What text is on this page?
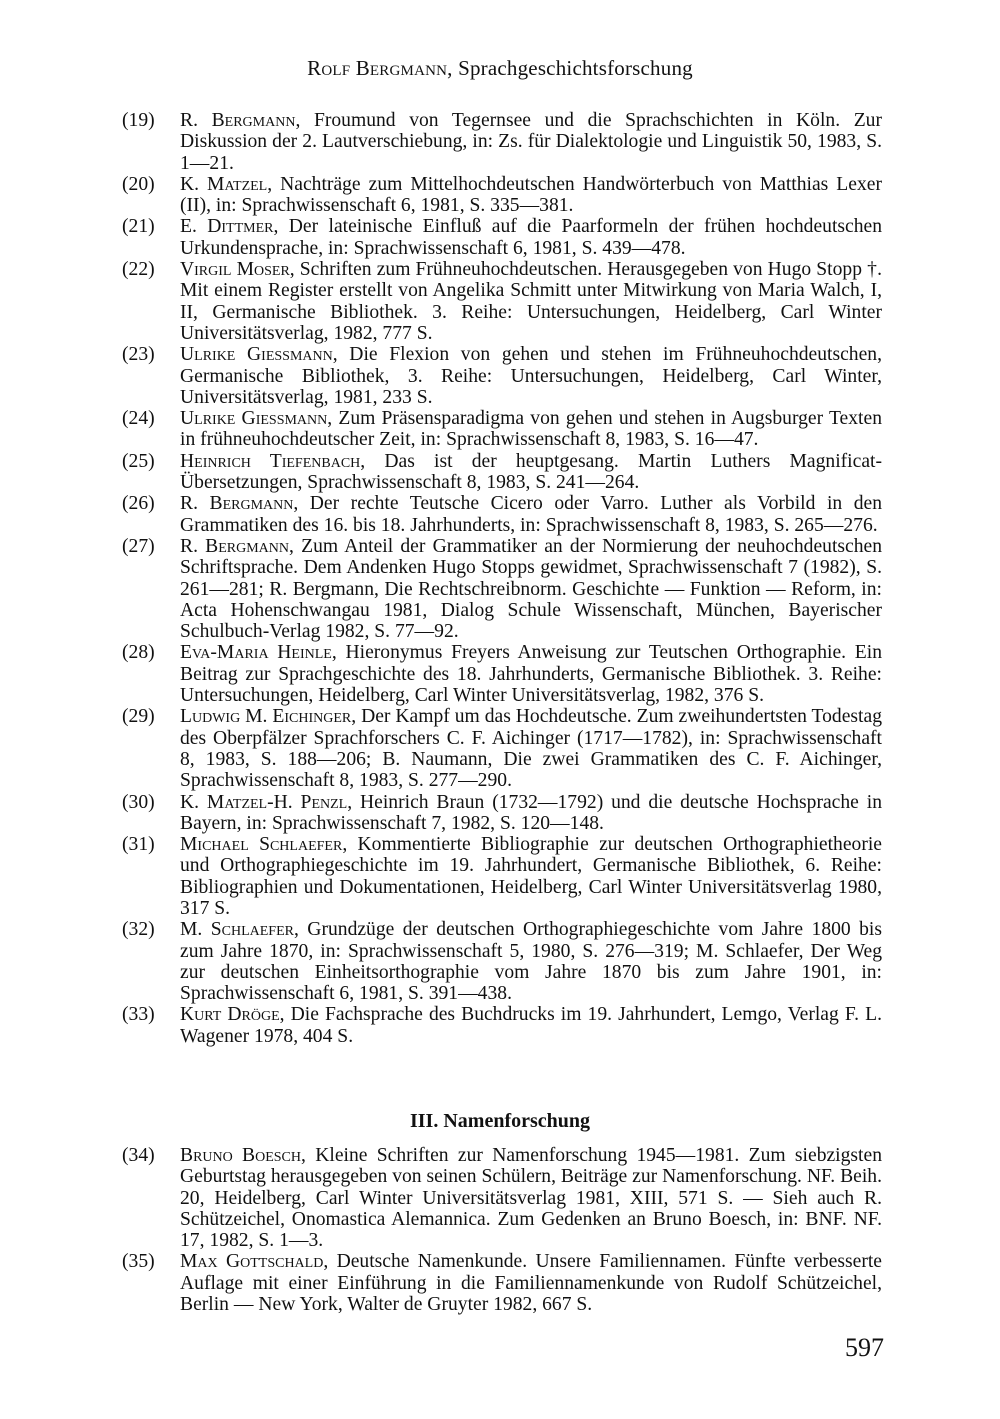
Rolf Bergmann, Sprachgeschichtsforschung
(19) R. Bergmann, Froumund von Tegernsee und die Sprachschichten in Köln. Zur Diskussion der 2. Lautverschiebung, in: Zs. für Dialektologie und Linguistik 50, 1983, S. 1—21.
(20) K. Matzel, Nachträge zum Mittelhochdeutschen Handwörterbuch von Matthias Lexer (II), in: Sprachwissenschaft 6, 1981, S. 335—381.
(21) E. Dittmer, Der lateinische Einfluß auf die Paarformeln der frühen hochdeutschen Urkundensprache, in: Sprachwissenschaft 6, 1981, S. 439—478.
(22) Virgil Moser, Schriften zum Frühneuhochdeutschen. Herausgegeben von Hugo Stopp †. Mit einem Register erstellt von Angelika Schmitt unter Mitwirkung von Maria Walch, I, II, Germanische Bibliothek. 3. Reihe: Untersuchungen, Heidelberg, Carl Winter Universitätsverlag, 1982, 777 S.
(23) Ulrike Giessmann, Die Flexion von gehen und stehen im Frühneuhochdeutschen, Germanische Bibliothek, 3. Reihe: Untersuchungen, Heidelberg, Carl Winter, Universitätsverlag, 1981, 233 S.
(24) Ulrike Giessmann, Zum Präsensparadigma von gehen und stehen in Augsburger Texten in frühneuhochdeutscher Zeit, in: Sprachwissenschaft 8, 1983, S. 16—47.
(25) Heinrich Tiefenbach, Das ist der heuptgesang. Martin Luthers Magnificat-Übersetzungen, Sprachwissenschaft 8, 1983, S. 241—264.
(26) R. Bergmann, Der rechte Teutsche Cicero oder Varro. Luther als Vorbild in den Grammatiken des 16. bis 18. Jahrhunderts, in: Sprachwissenschaft 8, 1983, S. 265—276.
(27) R. Bergmann, Zum Anteil der Grammatiker an der Normierung der neuhochdeutschen Schriftsprache. Dem Andenken Hugo Stopps gewidmet, Sprachwissenschaft 7 (1982), S. 261—281; R. Bergmann, Die Rechtschreibnorm. Geschichte — Funktion — Reform, in: Acta Hohenschwangau 1981, Dialog Schule Wissenschaft, München, Bayerischer Schulbuch-Verlag 1982, S. 77—92.
(28) Eva-Maria Heinle, Hieronymus Freyers Anweisung zur Teutschen Orthographie. Ein Beitrag zur Sprachgeschichte des 18. Jahrhunderts, Germanische Bibliothek. 3. Reihe: Untersuchungen, Heidelberg, Carl Winter Universitätsverlag, 1982, 376 S.
(29) Ludwig M. Eichinger, Der Kampf um das Hochdeutsche. Zum zweihundertsten Todestag des Oberpfälzer Sprachforschers C. F. Aichinger (1717—1782), in: Sprachwissenschaft 8, 1983, S. 188—206; B. Naumann, Die zwei Grammatiken des C. F. Aichinger, Sprachwissenschaft 8, 1983, S. 277—290.
(30) K. Matzel-H. Penzl, Heinrich Braun (1732—1792) und die deutsche Hochsprache in Bayern, in: Sprachwissenschaft 7, 1982, S. 120—148.
(31) Michael Schlaefer, Kommentierte Bibliographie zur deutschen Orthographietheorie und Orthographiegeschichte im 19. Jahrhundert, Germanische Bibliothek, 6. Reihe: Bibliographien und Dokumentationen, Heidelberg, Carl Winter Universitätsverlag 1980, 317 S.
(32) M. Schlaefer, Grundzüge der deutschen Orthographiegeschichte vom Jahre 1800 bis zum Jahre 1870, in: Sprachwissenschaft 5, 1980, S. 276—319; M. Schlaefer, Der Weg zur deutschen Einheitsorthographie vom Jahre 1870 bis zum Jahre 1901, in: Sprachwissenschaft 6, 1981, S. 391—438.
(33) Kurt Dröge, Die Fachsprache des Buchdrucks im 19. Jahrhundert, Lemgo, Verlag F. L. Wagener 1978, 404 S.
III. Namenforschung
(34) Bruno Boesch, Kleine Schriften zur Namenforschung 1945—1981. Zum siebzigsten Geburtstag herausgegeben von seinen Schülern, Beiträge zur Namenforschung. NF. Beih. 20, Heidelberg, Carl Winter Universitätsverlag 1981, XIII, 571 S. — Sieh auch R. Schützeichel, Onomastica Alemannica. Zum Gedenken an Bruno Boesch, in: BNF. NF. 17, 1982, S. 1—3.
(35) Max Gottschald, Deutsche Namenkunde. Unsere Familiennamen. Fünfte verbesserte Auflage mit einer Einführung in die Familiennamenkunde von Rudolf Schützeichel, Berlin — New York, Walter de Gruyter 1982, 667 S.
597
